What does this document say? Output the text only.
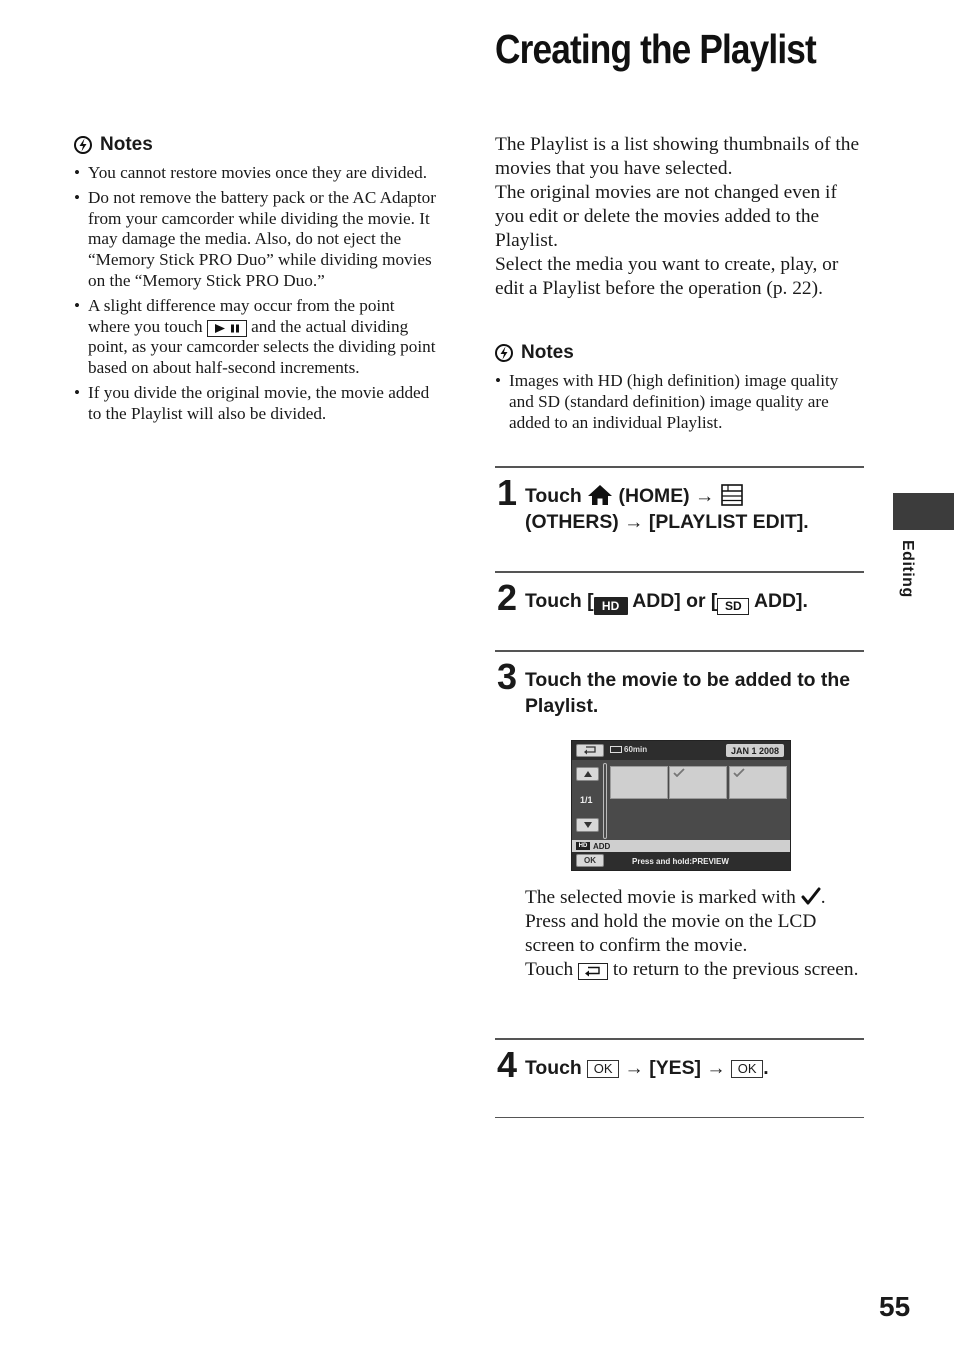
Creating the Playlist
Notes
• You cannot restore movies once they are divided.
• Do not remove the battery pack or the AC Adaptor from your camcorder while dividing the movie. It may damage the media. Also, do not eject the “Memory Stick PRO Duo” while dividing movies on the “Memory Stick PRO Duo.”
• A slight difference may occur from the point where you touch	and the actual dividing point, as your camcorder selects the dividing point based on about half-second increments.
• If you divide the original movie, the movie added to the Playlist will also be divided.

The Playlist is a list showing thumbnails of the movies that you have selected.

The original movies are not changed even if you edit or delete the movies added to the Playlist.

Select the media you want to create, play, or edit a Playlist before the operation (p. 22).

Notes
• Images with HD (high definition) image quality and SD (standard definition) image quality are added to an individual Playlist.
1 Touch (HOME) →
(OTHERS) → [PLAYLIST EDIT].

2 Touch [ HD ADD] or [ SD ADD].

3 Touch the movie to be added to the Playlist.

60min	JAN 1 2008
1/1
HD ADD
OK	Press and hold:PREVIEW

The selected movie is marked with .

Press and hold the movie on the LCD screen to confirm the movie.

Touch to return to the previous screen.

4 Touch OK → [YES] → OK .

Editing
55
